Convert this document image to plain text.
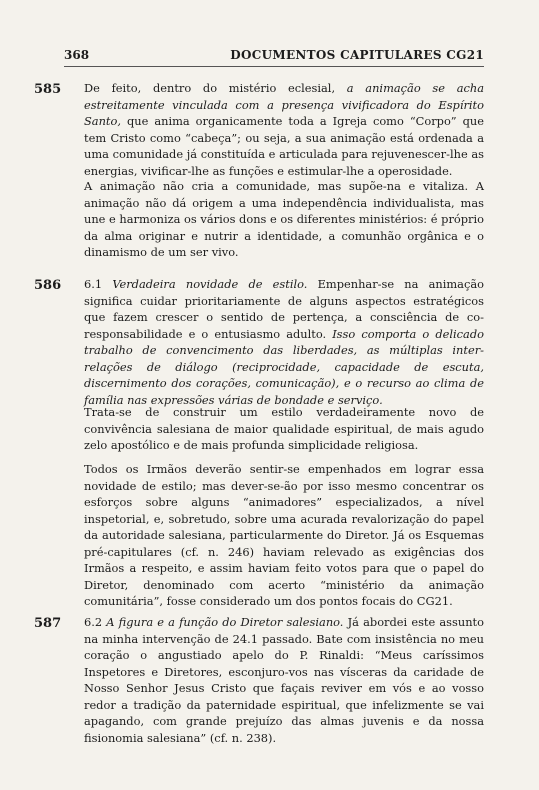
368	DOCUMENTOS CAPITULARES CG21
585 De feito, dentro do mistério eclesial, a animação se acha estreitamente vinculada com a presença vivificadora do Espírito Santo, que anima organicamente toda a Igreja como “Corpo” que tem Cristo como “cabeça”; ou seja, a sua animação está ordenada a uma comunidade já constituída e articulada para rejuvenescer-lhe as energias, vivificar-lhe as funções e estimular-lhe a operosidade.

A animação não cria a comunidade, mas supõe-na e vitaliza. A animação não dá origem a uma independência individualista, mas une e harmoniza os vários dons e os diferentes ministérios: é próprio da alma originar e nutrir a identidade, a comunhão orgânica e o dinamismo de um ser vivo.

586 6.1 Verdadeira novidade de estilo. Empenhar-se na animação significa cuidar prioritariamente de alguns aspectos estratégicos que fazem crescer o sentido de pertença, a consciência de co-responsabilidade e o entusiasmo adulto. Isso comporta o delicado trabalho de convencimento das liberdades, as múltiplas inter-relações de diálogo (reciprocidade, capacidade de escuta, discernimento dos corações, comunicação), e o recurso ao clima de família nas expressões várias de bondade e serviço.

Trata-se de construir um estilo verdadeiramente novo de convivência salesiana de maior qualidade espiritual, de mais agudo zelo apostólico e de mais profunda simplicidade religiosa.

Todos os Irmãos deverão sentir-se empenhados em lograr essa novidade de estilo; mas dever-se-ão por isso mesmo concentrar os esforços sobre alguns “animadores” especializados, a nível inspetorial, e, sobretudo, sobre uma acurada revalorização do papel da autoridade salesiana, particularmente do Diretor. Já os Esquemas pré-capitulares (cf. n. 246) haviam relevado as exigências dos Irmãos a respeito, e assim haviam feito votos para que o papel do Diretor, denominado com acerto “ministério da animação comunitária”, fosse considerado um dos pontos focais do CG21.

587 6.2 A figura e a função do Diretor salesiano. Já abordei este assunto na minha intervenção de 24.1 passado. Bate com insistência no meu coração o angustiado apelo do P. Rinaldi: “Meus caríssimos Inspetores e Diretores, esconjuro-vos nas vísceras da caridade de Nosso Senhor Jesus Cristo que façais reviver em vós e ao vosso redor a tradição da paternidade espiritual, que infelizmente se vai apagando, com grande prejuízo das almas juvenis e da nossa fisionomia salesiana” (cf. n. 238).
